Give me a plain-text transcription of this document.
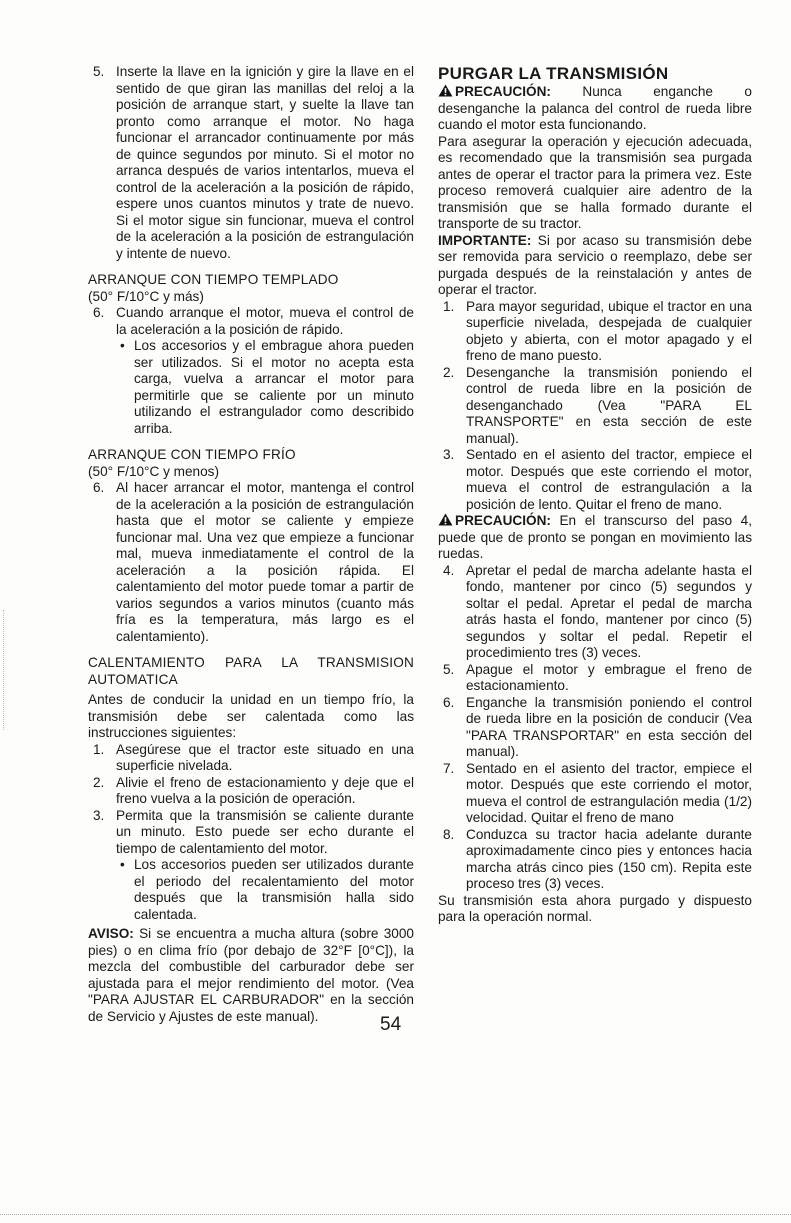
5. Inserte la llave en la ignición y gire la llave en el sentido de que giran las manillas del reloj a la posición de arranque start, y suelte la llave tan pronto como arranque el motor. No haga funcionar el arrancador continuamente por más de quince segundos por minuto. Si el motor no arranca después de varios intentarlos, mueva el control de la aceleración a la posición de rápido, espere unos cuantos minutos y trate de nuevo. Si el motor sigue sin funcionar, mueva el control de la aceleración a la posición de estrangulación y intente de nuevo.

ARRANQUE CON TIEMPO TEMPLADO

(50° F/10°C y más)

6. Cuando arranque el motor, mueva el control de la aceleración a la posición de rápido.
• Los accesorios y el embrague ahora pueden ser utilizados. Si el motor no acepta esta carga, vuelva a arrancar el motor para permitirle que se caliente por un minuto utilizando el estrangulador como describido arriba.

ARRANQUE CON TIEMPO FRÍO

(50° F/10°C y menos)

6. Al hacer arrancar el motor, mantenga el control de la aceleración a la posición de estrangulación hasta que el motor se caliente y empieze funcionar mal. Una vez que empieze a funcionar mal, mueva inmediatamente el control de la aceleración a la posición rápida. El calentamiento del motor puede tomar a partir de varios segundos a varios minutos (cuanto más fría es la temperatura, más largo es el calentamiento).

CALENTAMIENTO PARA LA TRANSMISION AUTOMATICA

Antes de conducir la unidad en un tiempo frío, la transmisión debe ser calentada como las instrucciones siguientes:

1. Asegúrese que el tractor este situado en una superficie nivelada.
2. Alivie el freno de estacionamiento y deje que el freno vuelva a la posición de operación.
3. Permita que la transmisión se caliente durante un minuto. Esto puede ser echo durante el tiempo de calentamiento del motor.
• Los accesorios pueden ser utilizados durante el periodo del recalentamiento del motor después que la transmisión halla sido calentada.

AVISO: Si se encuentra a mucha altura (sobre 3000 pies) o en clima frío (por debajo de 32°F [0°C]), la mezcla del combustible del carburador debe ser ajustada para el mejor rendimiento del motor. (Vea "PARA AJUSTAR EL CARBURADOR" en la sección de Servicio y Ajustes de este manual).

PURGAR LA TRANSMISIÓN

PRECAUCIÓN: Nunca enganche o desenganche la palanca del control de rueda libre cuando el motor esta funcionando.

Para asegurar la operación y ejecución adecuada, es recomendado que la transmisión sea purgada antes de operar el tractor para la primera vez. Este proceso removerá cualquier aire adentro de la transmisión que se halla formado durante el transporte de su tractor.

IMPORTANTE: Si por acaso su transmisión debe ser removida para servicio o reemplazo, debe ser purgada después de la reinstalación y antes de operar el tractor.

1. Para mayor seguridad, ubique el tractor en una superficie nivelada, despejada de cualquier objeto y abierta, con el motor apagado y el freno de mano puesto.
2. Desenganche la transmisión poniendo el control de rueda libre en la posición de desenganchado (Vea "PARA EL TRANSPORTE" en esta sección de este manual).
3. Sentado en el asiento del tractor, empiece el motor. Después que este corriendo el motor, mueva el control de estrangulación a la posición de lento. Quitar el freno de mano.

PRECAUCIÓN: En el transcurso del paso 4, puede que de pronto se pongan en movimiento las ruedas.

4. Apretar el pedal de marcha adelante hasta el fondo, mantener por cinco (5) segundos y soltar el pedal. Apretar el pedal de marcha atrás hasta el fondo, mantener por cinco (5) segundos y soltar el pedal. Repetir el procedimiento tres (3) veces.
5. Apague el motor y embrague el freno de estacionamiento.
6. Enganche la transmisión poniendo el control de rueda libre en la posición de conducir (Vea "PARA TRANSPORTAR" en esta sección del manual).
7. Sentado en el asiento del tractor, empiece el motor. Después que este corriendo el motor, mueva el control de estrangulación media (1/2) velocidad. Quitar el freno de mano
8. Conduzca su tractor hacia adelante durante aproximadamente cinco pies y entonces hacia marcha atrás cinco pies (150 cm). Repita este proceso tres (3) veces.

Su transmisión esta ahora purgado y dispuesto para la operación normal.

54
